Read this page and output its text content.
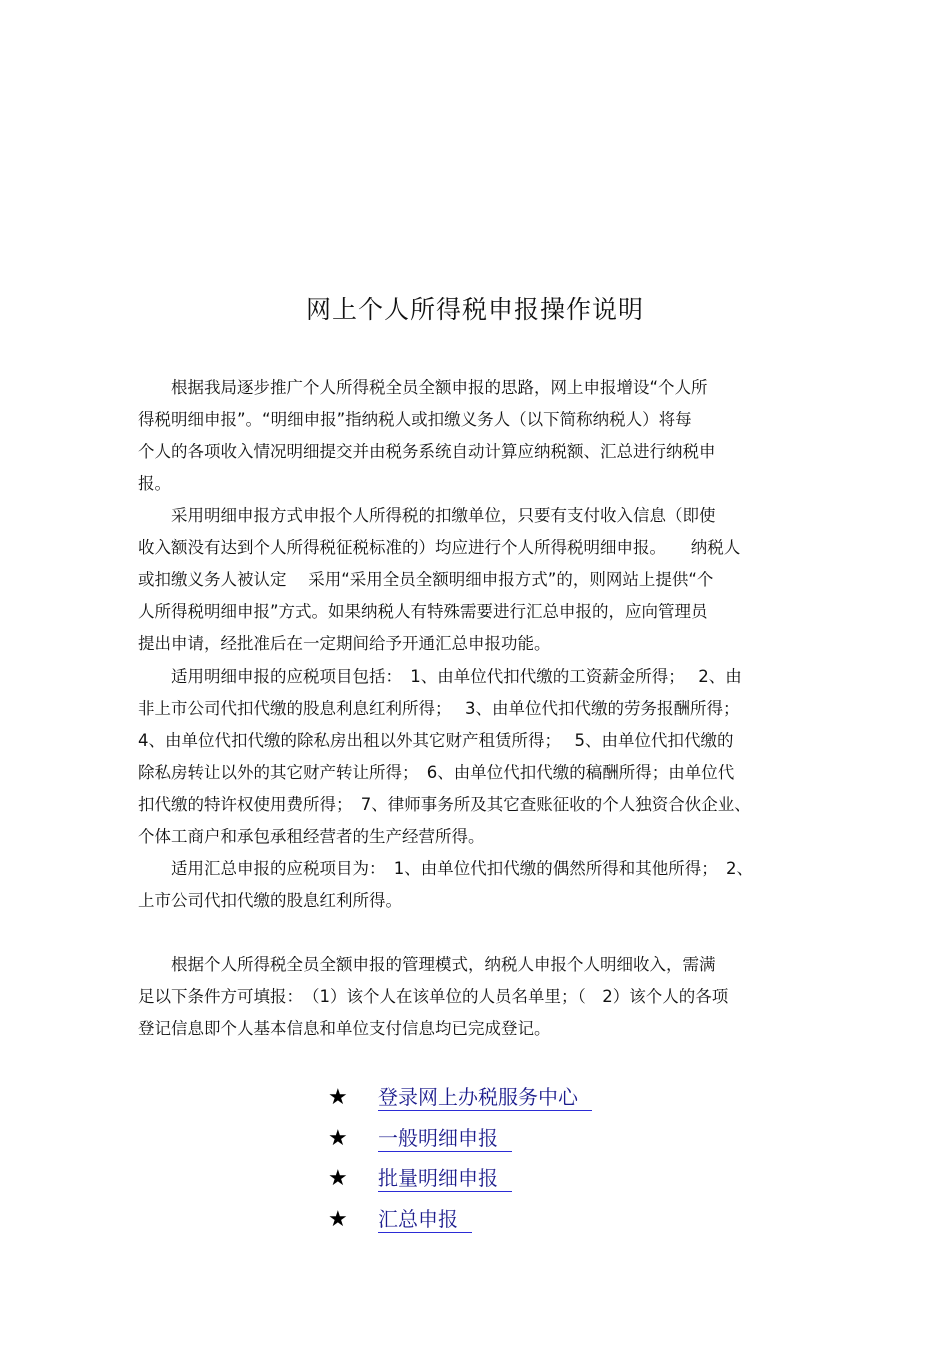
网上个人所得税申报操作说明
　　根据我局逐步推广个人所得税全员全额申报的思路，网上申报增设“个人所
得税明细申报”。“明细申报”指纳税人或扣缴义务人（以下简称纳税人）将每
个人的各项收入情况明细提交并由税务系统自动计算应纳税额、汇总进行纳税申
报。
　　采用明细申报方式申报个人所得税的扣缴单位，只要有支付收入信息（即使
收入额没有达到个人所得税征税标准的）均应进行个人所得税明细申报。　　纳税人
或扣缴义务人被认定　 采用“采用全员全额明细申报方式”的，则网站上提供“个
人所得税明细申报”方式。如果纳税人有特殊需要进行汇总申报的，应向管理员
提出申请，经批准后在一定期间给予开通汇总申报功能。
　　适用明细申报的应税项目包括：　1、由单位代扣代缴的工资薪金所得；　 2、由
非上市公司代扣代缴的股息利息红利所得；　 3、由单位代扣代缴的劳务报酬所得；
4、由单位代扣代缴的除私房出租以外其它财产租赁所得；　 5、由单位代扣代缴的
除私房转让以外的其它财产转让所得；　6、由单位代扣代缴的稿酬所得；由单位代
扣代缴的特许权使用费所得；　7、律师事务所及其它查账征收的个人独资合伙企业、
个体工商户和承包承租经营者的生产经营所得。
　　适用汇总申报的应税项目为：　1、由单位代扣代缴的偶然所得和其他所得；　2、
上市公司代扣代缴的股息红利所得。
　　根据个人所得税全员全额申报的管理模式，纳税人申报个人明细收入，需满
足以下条件方可填报：　（1）该个人在该单位的人员名单里；（　2）该个人的各项
登记信息即个人基本信息和单位支付信息均已完成登记。
★ 登录网上办税服务中心
★ 一般明细申报
★ 批量明细申报
★ 汇总申报
